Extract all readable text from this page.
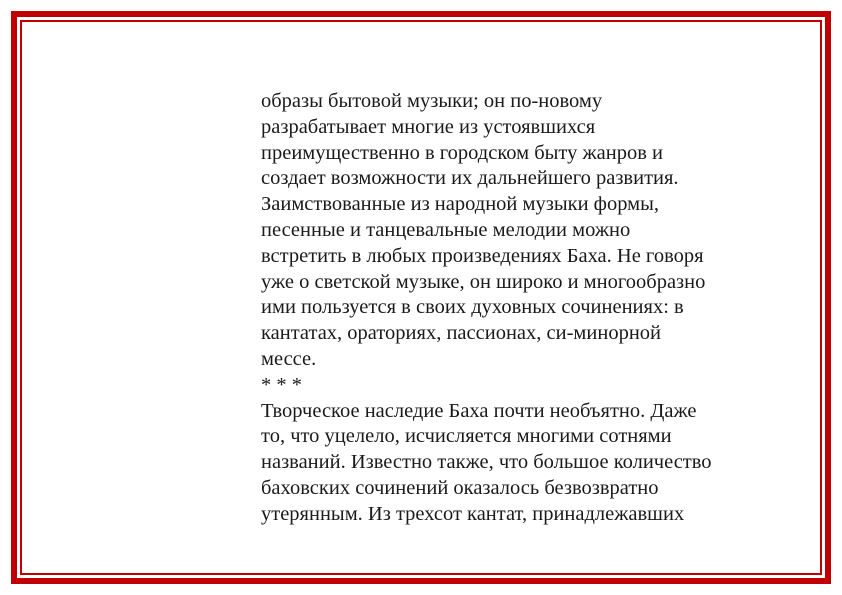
образы бытовой музыки; он по-новому
разрабатывает многие из устоявшихся
преимущественно в городском быту жанров и
создает возможности их дальнейшего развития.
Заимствованные из народной музыки формы,
песенные и танцевальные мелодии можно
встретить в любых произведениях Баха. Не говоря
уже о светской музыке, он широко и многообразно
ими пользуется в своих духовных сочинениях: в
кантатах, ораториях, пассионах, си-минорной
мессе.
* * *
Творческое наследие Баха почти необъятно. Даже
то, что уцелело, исчисляется многими сотнями
названий. Известно также, что большое количество
баховских сочинений оказалось безвозвратно
утерянным. Из трехсот кантат, принадлежавших
